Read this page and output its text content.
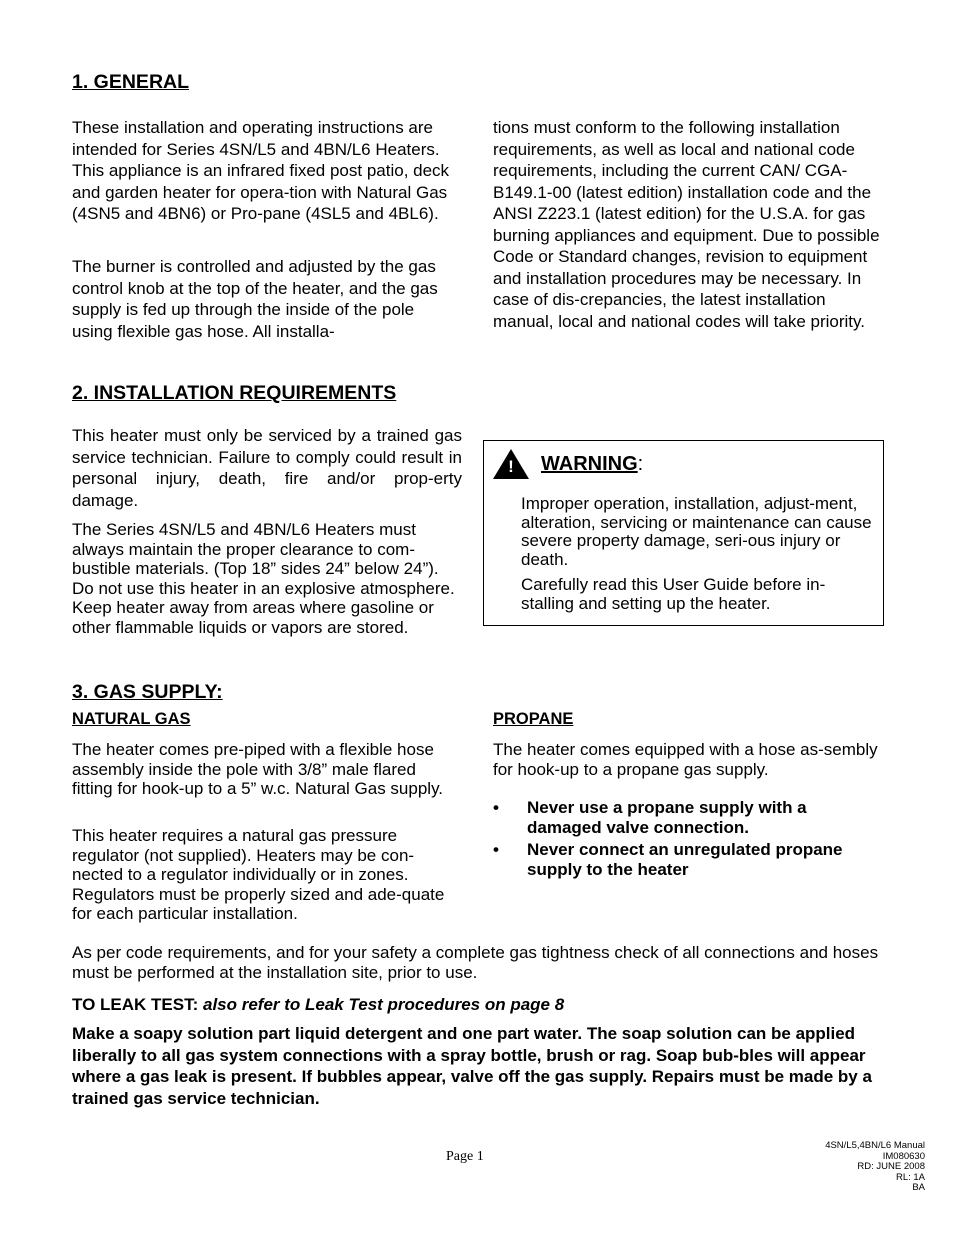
1. GENERAL

These installation and operating instructions are intended for Series 4SN/L5 and 4BN/L6 Heaters. This appliance is an infrared fixed post patio, deck and garden heater for opera-tion with Natural Gas (4SN5 and 4BN6) or Pro-pane (4SL5 and 4BL6).

The burner is controlled and adjusted by the gas control knob at the top of the heater, and the gas supply is fed up through the inside of the pole using flexible gas hose. All installa-

tions must conform to the following installation requirements, as well as local and national code requirements, including the current CAN/ CGA-B149.1-00 (latest edition) installation code and the ANSI Z223.1 (latest edition) for the U.S.A. for gas burning appliances and equipment. Due to possible Code or Standard changes, revision to equipment and installation procedures may be necessary. In case of dis-crepancies, the latest installation manual, local and national codes will take priority.

2. INSTALLATION REQUIREMENTS

This heater must only be serviced by a trained gas service technician. Failure to comply could result in personal injury, death, fire and/or prop-erty damage.

The Series 4SN/L5 and 4BN/L6 Heaters must always maintain the proper clearance to com-bustible materials. (Top 18” sides 24” below 24”). Do not use this heater in an explosive atmosphere. Keep heater away from areas where gasoline or other flammable liquids or vapors are stored.

!	WARNING:

Improper operation, installation, adjust-ment, alteration, servicing or maintenance can cause severe property damage, seri-ous injury or death.

Carefully read this User Guide before in-stalling and setting up the heater.

3. GAS SUPPLY:
NATURAL GAS

The heater comes pre-piped with a flexible hose assembly inside the pole with 3/8” male flared fitting for hook-up to a 5” w.c. Natural Gas supply.

This heater requires a natural gas pressure regulator (not supplied). Heaters may be con-nected to a regulator individually or in zones. Regulators must be properly sized and ade-quate for each particular installation.

PROPANE

The heater comes equipped with a hose as-sembly for hook-up to a propane gas supply.

• Never use a propane supply with a damaged valve connection.
• Never connect an unregulated propane supply to the heater

As per code requirements, and for your safety a complete gas tightness check of all connections and hoses must be performed at the installation site, prior to use.

TO LEAK TEST: also refer to Leak Test procedures on page 8

Make a soapy solution part liquid detergent and one part water. The soap solution can be applied liberally to all gas system connections with a spray bottle, brush or rag. Soap bub-bles will appear where a gas leak is present. If bubbles appear, valve off the gas supply. Repairs must be made by a trained gas service technician.

Page 1
4SN/L5,4BN/L6 Manual
IM080630
RD: JUNE 2008
RL: 1A
BA
